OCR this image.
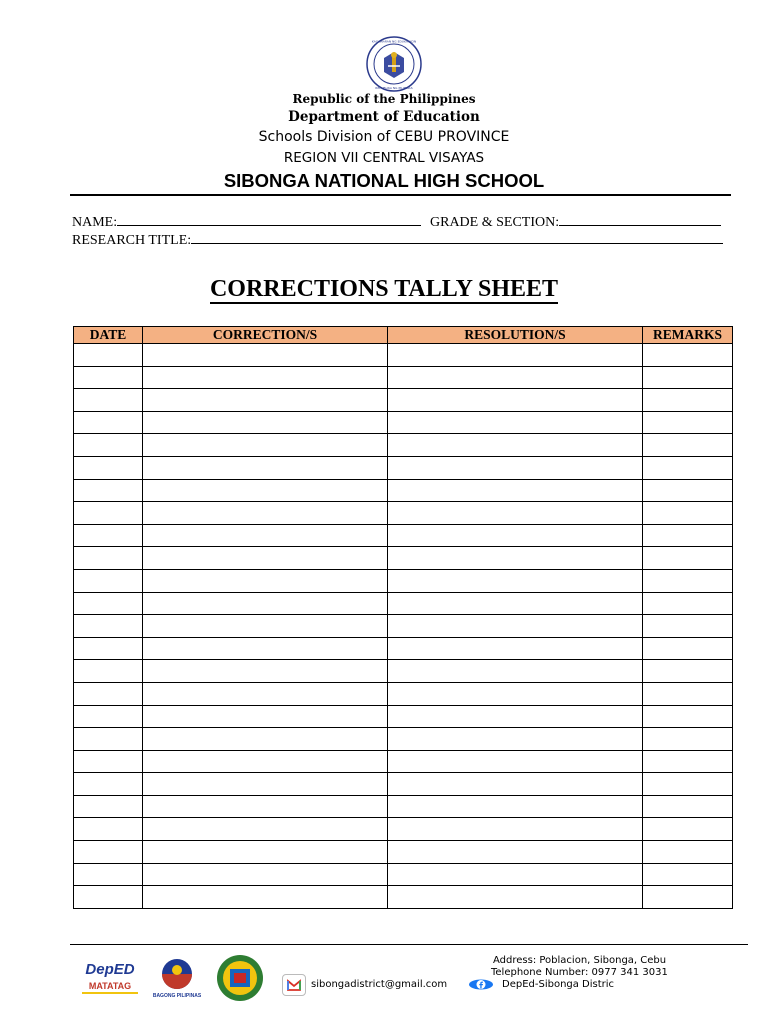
KAGAWARAN NG EDUKASYON
REPUBLIKA NG PILIPINAS
Republic of the Philippines
Department of Education
Schools Division of CEBU PROVINCE
REGION VII CENTRAL VISAYAS
SIBONGA NATIONAL HIGH SCHOOL
NAME:	GRADE & SECTION:
RESEARCH TITLE:
CORRECTIONS TALLY SHEET
DATE	CORRECTION/S	RESOLUTION/S	REMARKS

DepED
MATATAG
BAGONG PILIPINAS
sibongadistrict@gmail.com
Address: Poblacion, Sibonga, Cebu
Telephone Number: 0977 341 3031
DepEd-Sibonga Distric
